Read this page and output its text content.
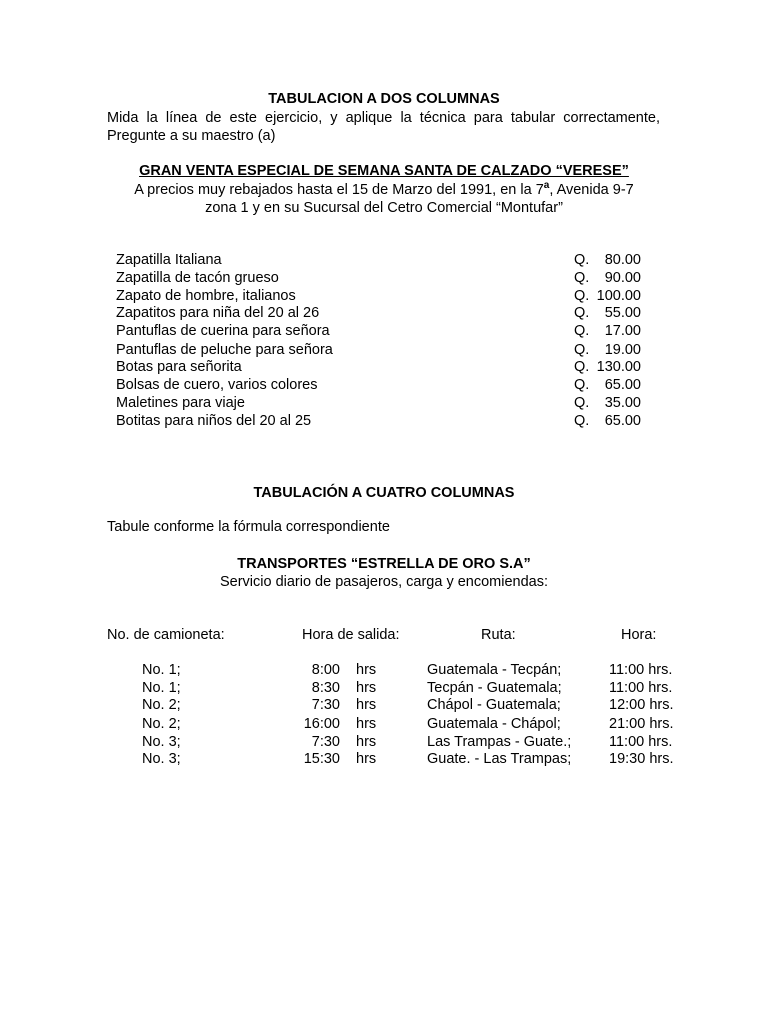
TABULACION A DOS COLUMNAS
Mida la línea de este ejercicio, y aplique la técnica para tabular correctamente,
Pregunte a su maestro (a)
GRAN VENTA ESPECIAL DE SEMANA SANTA DE CALZADO “VERESE”
A precios muy rebajados hasta el 15 de Marzo del 1991, en la 7$^a$, Avenida 9-7
zona 1 y en su Sucursal del Cetro Comercial “Montufar”
Zapatilla Italiana	Q.	80.00
Zapatilla de tacón grueso	Q.	90.00
Zapato de hombre, italianos	Q. 100.00
Zapatitos para niña del 20 al 26	Q.	55.00
Pantuflas de cuerina para señora	Q.	17.00
Pantuflas de peluche para señora	Q.	19.00
Botas para señorita	Q. 130.00
Bolsas de cuero, varios colores	Q.	65.00
Maletines para viaje	Q.	35.00
Botitas para niños del 20 al 25	Q.	65.00
TABULACIÓN A CUATRO COLUMNAS
Tabule conforme la fórmula correspondiente
TRANSPORTES “ESTRELLA DE ORO S.A”
Servicio diario de pasajeros, carga y encomiendas:
No. de camioneta:	Hora de salida:	Ruta:	Hora:
No. 1;	8:00 hrs	Guatemala - Tecpán;	11:00 hrs.
No. 1;	8:30 hrs	Tecpán - Guatemala;	11:00 hrs.
No. 2;	7:30 hrs	Chápol - Guatemala;	12:00 hrs.
No. 2;	16:00 hrs	Guatemala - Chápol;	21:00 hrs.
No. 3;	7:30 hrs	Las Trampas - Guate.;	11:00 hrs.
No. 3;	15:30 hrs	Guate. - Las Trampas;	19:30 hrs.
